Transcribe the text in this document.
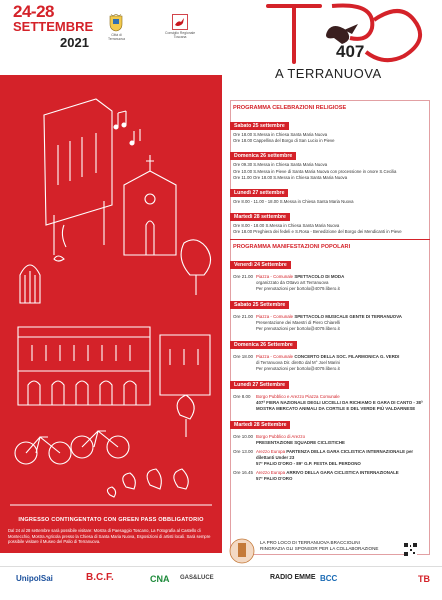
24-28
SETTEMBRE
2021	Città di
Terranuova
Consiglio Regionale
Toscana
407
A TERRANUOVA
INGRESSO CONTINGENTATO CON GREEN PASS OBBLIGATORIO
Dal 24 al 28 settembre sarà possibile visitare: Mostra di Paesaggio Toscano, La Fotografia al Castello di Montecchio, Mostra Agricola presso la Chiesa di Santa Maria Nuova, Esposizioni di artisti locali. Sarà sempre possibile visitare il Museo del Palio di Terranuova.
PROGRAMMA CELEBRAZIONI RELIGIOSE
Sabato 25 settembre
Ore 18.00 S.Messa in Chiesa Santa Maria Nuova
Ore 18.00 Cappellina del Borgo di San Lucio in Pieve
Domenica 26 settembre
Ore 09.30 S.Messa in Chiesa Santa Maria Nuova
Ore 10.00 S.Messa in Pieve di Santa Maria Nuova con processione in onore S.Cecilia
Ore 11.00 Ore 18.00 S.Messa in Chiesa Santa Maria Nuova
Lunedì 27 settembre
Ore 8.00 - 11.00 - 18.00 S.Messa in Chiesa Santa Maria Nuova
Martedì 28 settembre
Ore 8.00 - 18.00 S.Messa in Chiesa Santa Maria Nuova
Ore 18.00 Preghiera dei fedeli e S.Rosa - Benedizione del Borgo dei Mendicanti in Pieve
PROGRAMMA MANIFESTAZIONI POPOLARI
Venerdì 24 Settembre
Ore 21.00 Piazza - Comunale SPETTACOLO DI MODA
organizzato da Ottavo art Terranuova
Per prenotazioni per bortolo@4079.libero.it
Sabato 25 Settembre
Ore 21.00 Piazza - Comunale SPETTACOLO MUSICALE GENTE DI TERRANUOVA
Presentazione dei Maestri di Piero Chiarelli
Per prenotazioni per bortolo@4079.libero.it
Domenica 26 Settembre
Ore 18.00 Piazza - Comunale CONCERTO DELLA SOC. FILARMONICA G. VERDI
di Terranuova Dir. diretto dal M° Joel Marini
Per prenotazioni per bortolo@4079.libero.it
Lunedì 27 Settembre
Ore 8.00	Borgo Pubblico e Arezzo Piazza Comunale
407ª FIERA NAZIONALE DEGLI UCCELLI DA RICHIAMO E GARA DI CANTO - 38ª MOSTRA MERCATO ANIMALI DA CORTILE E DEL VERDE PIÙ VALDARNESE
Martedì 28 Settembre
Ore 10.00 Borgo Pubblico di Arezzo
PRESENTAZIONE SQUADRE CICLISTICHE
Ore 13.00 Arezzo Europa PARTENZA DELLA GARA CICLISTICA INTERNAZIONALE per dilettanti Under 23
57° PALIO D'ORO - 89° G.P. FESTA DEL PERDONO
Ore 16.45 Arezzo Europa ARRIVO DELLA GARA CICLISTICA INTERNAZIONALE
57° PALIO D'ORO
LA PRO LOCO DI TERRANUOVA BRACCIOLINI
RINGRAZIA GLI SPONSOR PER LA COLLABORAZIONE
UnipolSai	B.C.F.	CNA GAS&LUCE	RADIO EMME BCC	TB
